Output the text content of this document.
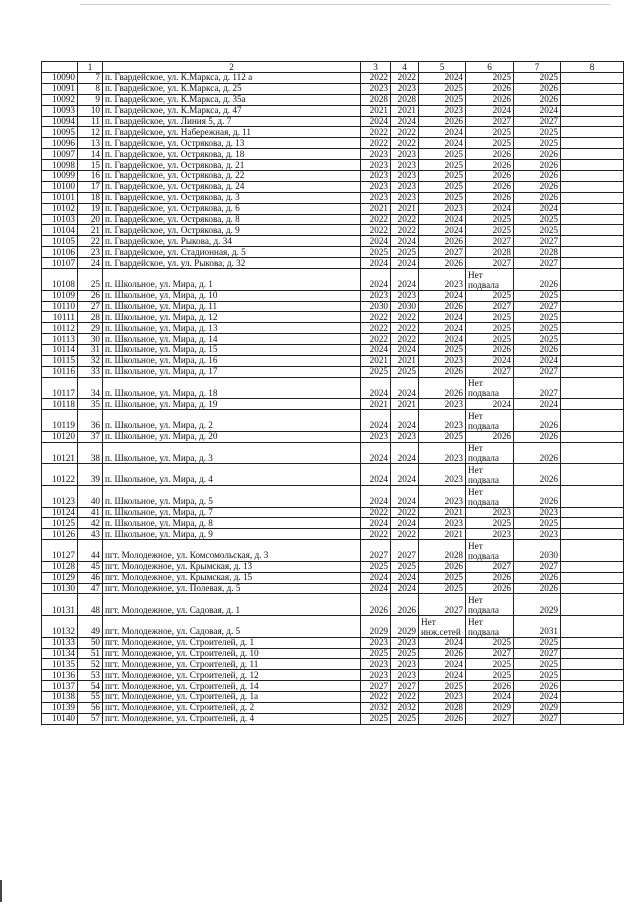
	1	2	3	4	5	6	7	8
10090	7	п. Гвардейское, ул. К.Маркса, д. 112 а	2022	2022	2024	2025	2025	
10091	8	п. Гвардейское, ул. К.Маркса, д. 25	2023	2023	2025	2026	2026	
10092	9	п. Гвардейское, ул. К.Маркса, д. 35а	2028	2028	2025	2026	2026	
10093	10	п. Гвардейское, ул. К.Маркса, д. 47	2021	2021	2023	2024	2024	
10094	11	п. Гвардейское, ул. Линия 5, д. 7	2024	2024	2026	2027	2027	
10095	12	п. Гвардейское, ул. Набережная, д. 11	2022	2022	2024	2025	2025	
10096	13	п. Гвардейское, ул. Острякова, д. 13	2022	2022	2024	2025	2025	
10097	14	п. Гвардейское, ул. Острякова, д. 18	2023	2023	2025	2026	2026	
10098	15	п. Гвардейское, ул. Острякова, д. 21	2023	2023	2025	2026	2026	
10099	16	п. Гвардейское, ул. Острякова, д. 22	2023	2023	2025	2026	2026	
10100	17	п. Гвардейское, ул. Острякова, д. 24	2023	2023	2025	2026	2026	
10101	18	п. Гвардейское, ул. Острякова, д. 3	2023	2023	2025	2026	2026	
10102	19	п. Гвардейское, ул. Острякова, д. 6	2021	2021	2023	2024	2024	
10103	20	п. Гвардейское, ул. Острякова, д. 8	2022	2022	2024	2025	2025	
10104	21	п. Гвардейское, ул. Острякова, д. 9	2022	2022	2024	2025	2025	
10105	22	п. Гвардейское, ул. Рыкова, д. 34	2024	2024	2026	2027	2027	
10106	23	п. Гвардейское, ул. Стадионная, д. 5	2025	2025	2027	2028	2028	
10107	24	п. Гвардейское, ул. ул. Рыкова, д. 32	2024	2024	2026	2027	2027	
10108	25	п. Школьное, ул. Мира, д. 1	2024	2024	2023	Нет подвала	2026	
10109	26	п. Школьное, ул. Мира, д. 10	2023	2023	2024	2025	2025	
10110	27	п. Школьное, ул. Мира, д. 11	2030	2030	2026	2027	2027	
10111	28	п. Школьное, ул. Мира, д. 12	2022	2022	2024	2025	2025	
10112	29	п. Школьное, ул. Мира, д. 13	2022	2022	2024	2025	2025	
10113	30	п. Школьное, ул. Мира, д. 14	2022	2022	2024	2025	2025	
10114	31	п. Школьное, ул. Мира, д. 15	2024	2024	2025	2026	2026	
10115	32	п. Школьное, ул. Мира, д. 16	2021	2021	2023	2024	2024	
10116	33	п. Школьное, ул. Мира, д. 17	2025	2025	2026	2027	2027	
10117	34	п. Школьное, ул. Мира, д. 18	2024	2024	2026	Нет подвала	2027	
10118	35	п. Школьное, ул. Мира, д. 19	2021	2021	2023	2024	2024	
10119	36	п. Школьное, ул. Мира, д. 2	2024	2024	2023	Нет подвала	2026	
10120	37	п. Школьное, ул. Мира, д. 20	2023	2023	2025	2026	2026	
10121	38	п. Школьное, ул. Мира, д. 3	2024	2024	2023	Нет подвала	2026	
10122	39	п. Школьное, ул. Мира, д. 4	2024	2024	2023	Нет подвала	2026	
10123	40	п. Школьное, ул. Мира, д. 5	2024	2024	2023	Нет подвала	2026	
10124	41	п. Школьное, ул. Мира, д. 7	2022	2022	2021	2023	2023	
10125	42	п. Школьное, ул. Мира, д. 8	2024	2024	2023	2025	2025	
10126	43	п. Школьное, ул. Мира, д. 9	2022	2022	2021	2023	2023	
10127	44	пгт. Молодежное, ул. Комсомольская, д. 3	2027	2027	2028	Нет подвала	2030	
10128	45	пгт. Молодежное, ул. Крымская, д. 13	2025	2025	2026	2027	2027	
10129	46	пгт. Молодежное, ул. Крымская, д. 15	2024	2024	2025	2026	2026	
10130	47	пгт. Молодежное, ул. Полевая, д. 5	2024	2024	2025	2026	2026	
10131	48	пгт. Молодежное, ул. Садовая, д. 1	2026	2026	2027	Нет подвала	2029	
10132	49	пгт. Молодежное, ул. Садовая, д. 5	2029	2029	Нет инж.сетей	Нет подвала	2031	
10133	50	пгт. Молодежное, ул. Строителей, д. 1	2023	2023	2024	2025	2025	
10134	51	пгт. Молодежное, ул. Строителей, д. 10	2025	2025	2026	2027	2027	
10135	52	пгт. Молодежное, ул. Строителей, д. 11	2023	2023	2024	2025	2025	
10136	53	пгт. Молодежное, ул. Строителей, д. 12	2023	2023	2024	2025	2025	
10137	54	пгт. Молодежное, ул. Строителей, д. 14	2027	2027	2025	2026	2026	
10138	55	пгт. Молодежное, ул. Строителей, д. 1а	2022	2022	2023	2024	2024	
10139	56	пгт. Молодежное, ул. Строителей, д. 2	2032	2032	2028	2029	2029	
10140	57	пгт. Молодежное, ул. Строителей, д. 4	2025	2025	2026	2027	2027	
